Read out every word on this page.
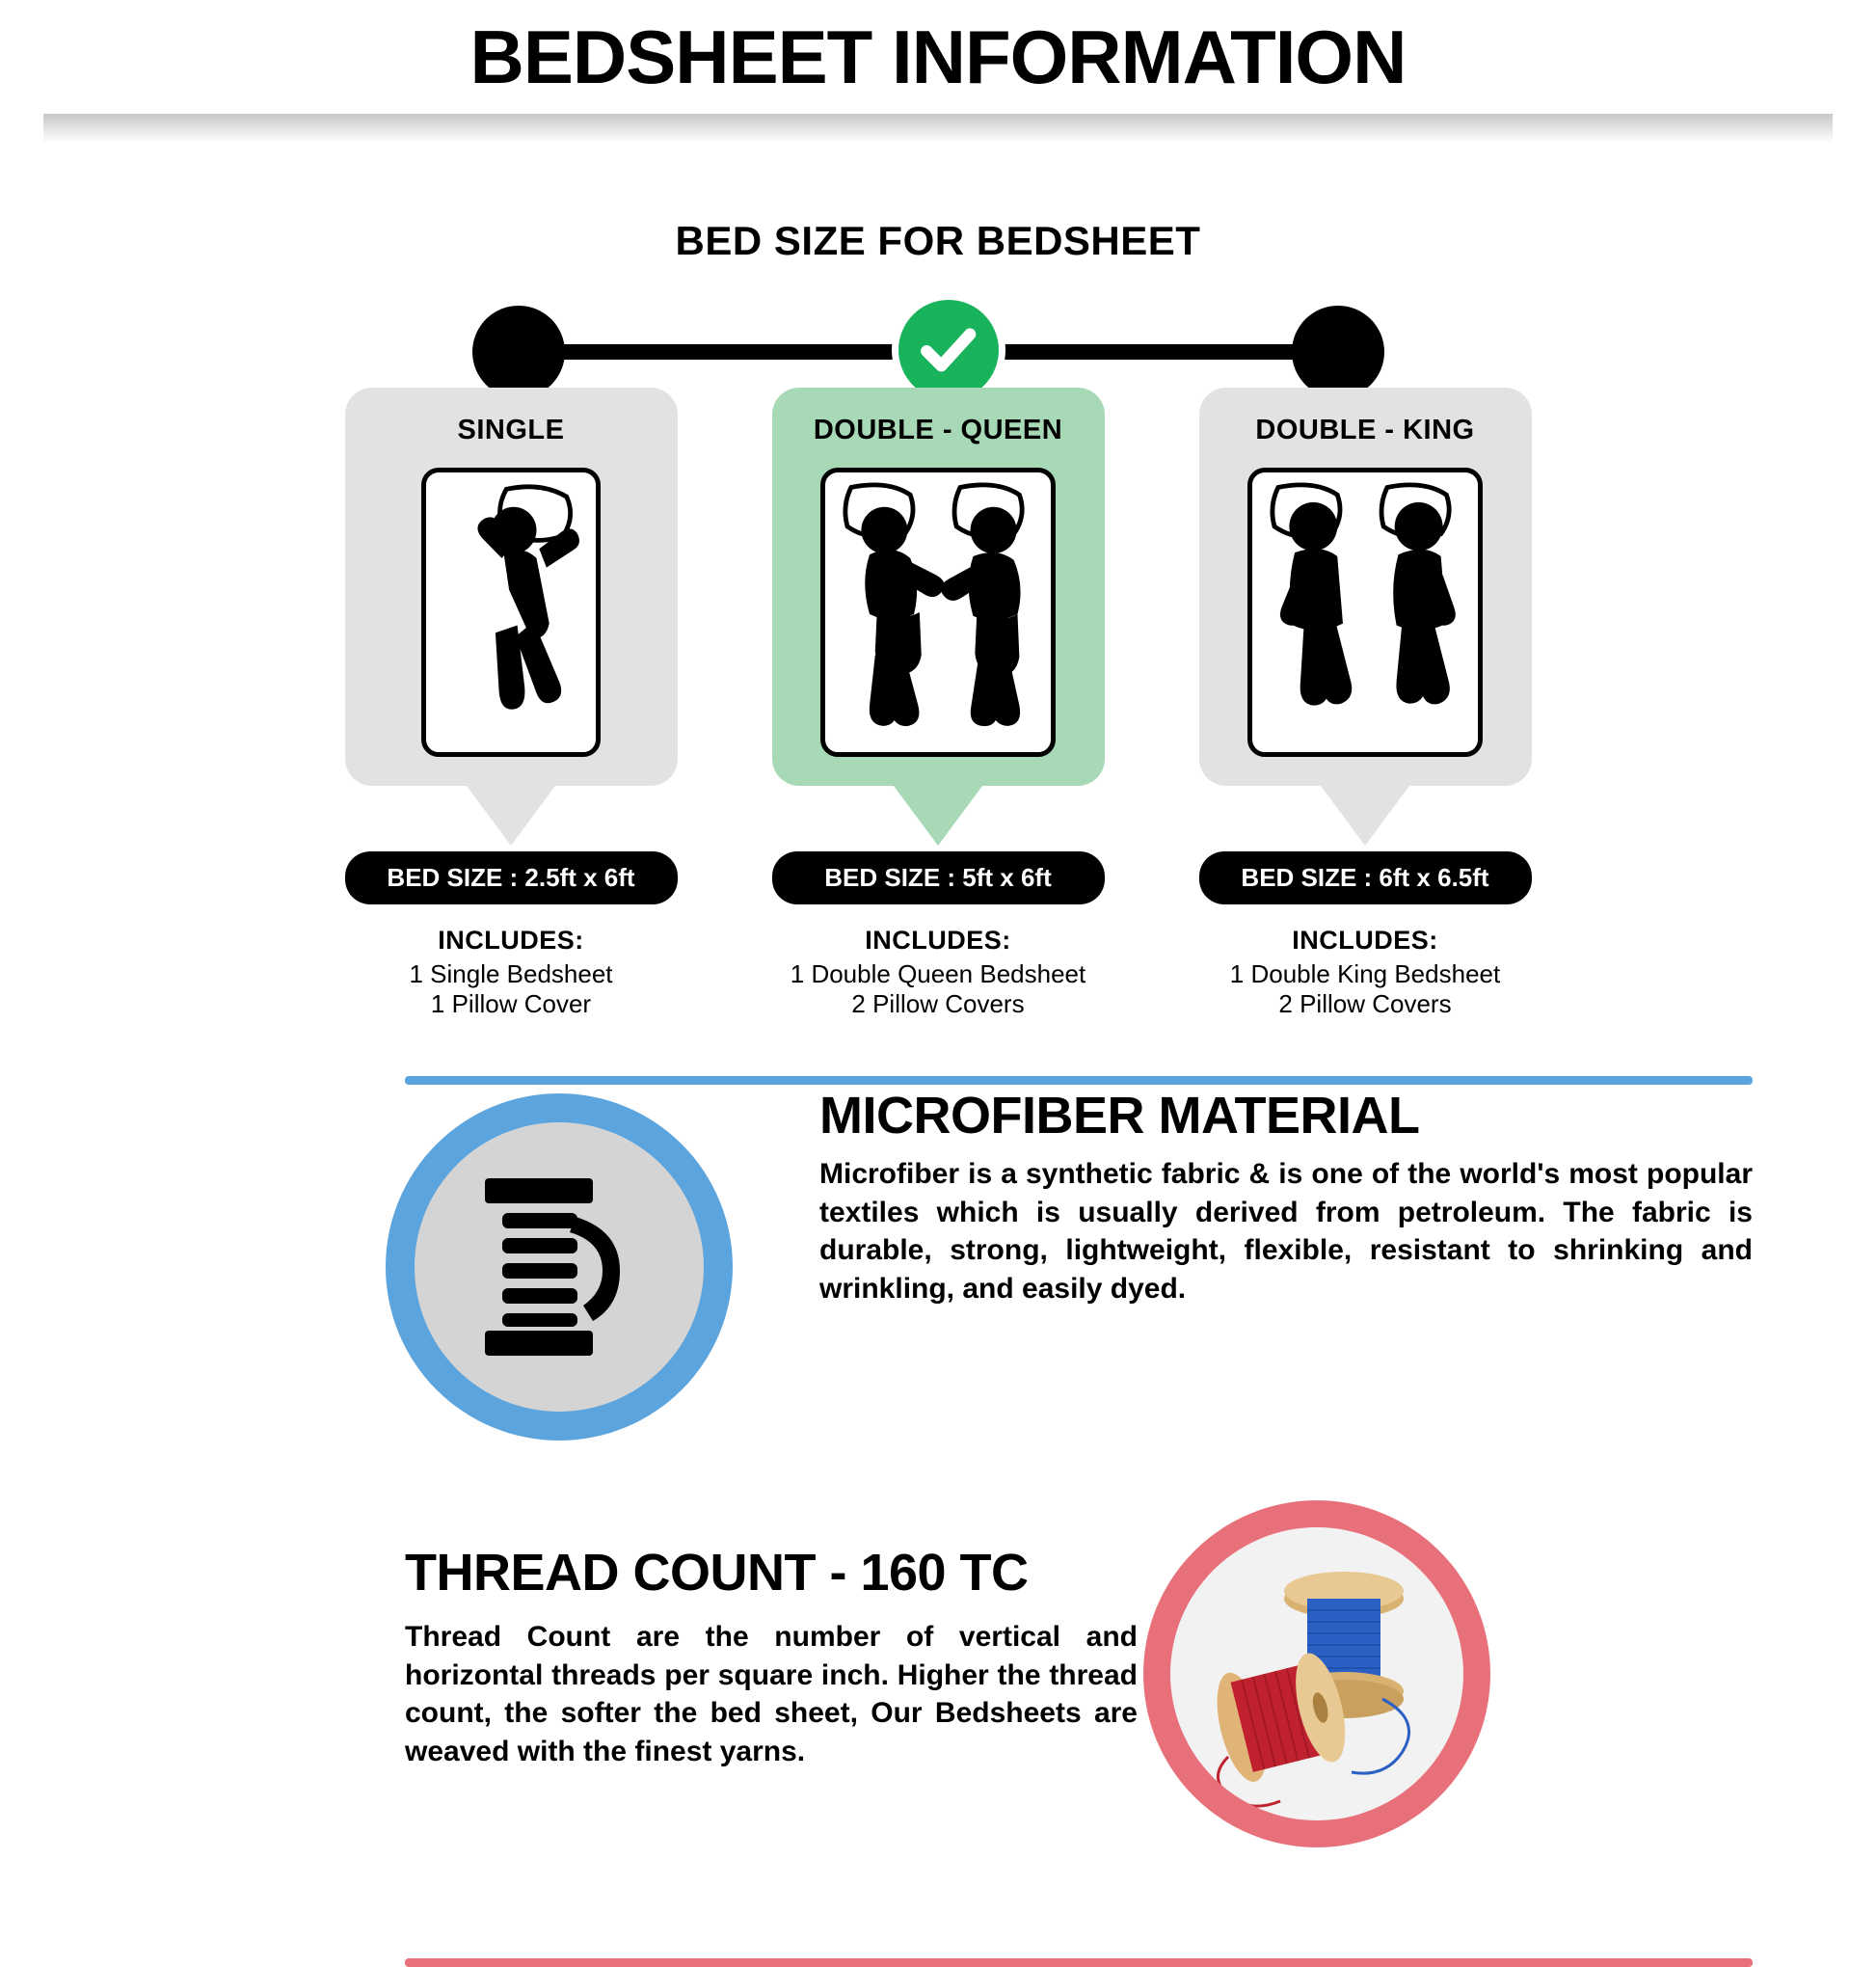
BEDSHEET INFORMATION
BED SIZE FOR BEDSHEET
SINGLE
BED SIZE : 2.5ft x 6ft
INCLUDES:
1 Single Bedsheet
1 Pillow Cover
DOUBLE - QUEEN
BED SIZE : 5ft x 6ft
INCLUDES:
1 Double Queen Bedsheet
2 Pillow Covers
DOUBLE - KING
BED SIZE : 6ft x 6.5ft
INCLUDES:
1 Double King Bedsheet
2 Pillow Covers
MICROFIBER MATERIAL
Microfiber is a synthetic fabric & is one of the world's most popular textiles which is usually derived from petroleum. The fabric is durable, strong, lightweight, flexible, resistant to shrinking and wrinkling, and easily dyed.
THREAD COUNT - 160 TC
Thread Count are the number of vertical and horizontal threads per square inch. Higher the thread count, the softer the bed sheet, Our Bedsheets are weaved with the finest yarns.
